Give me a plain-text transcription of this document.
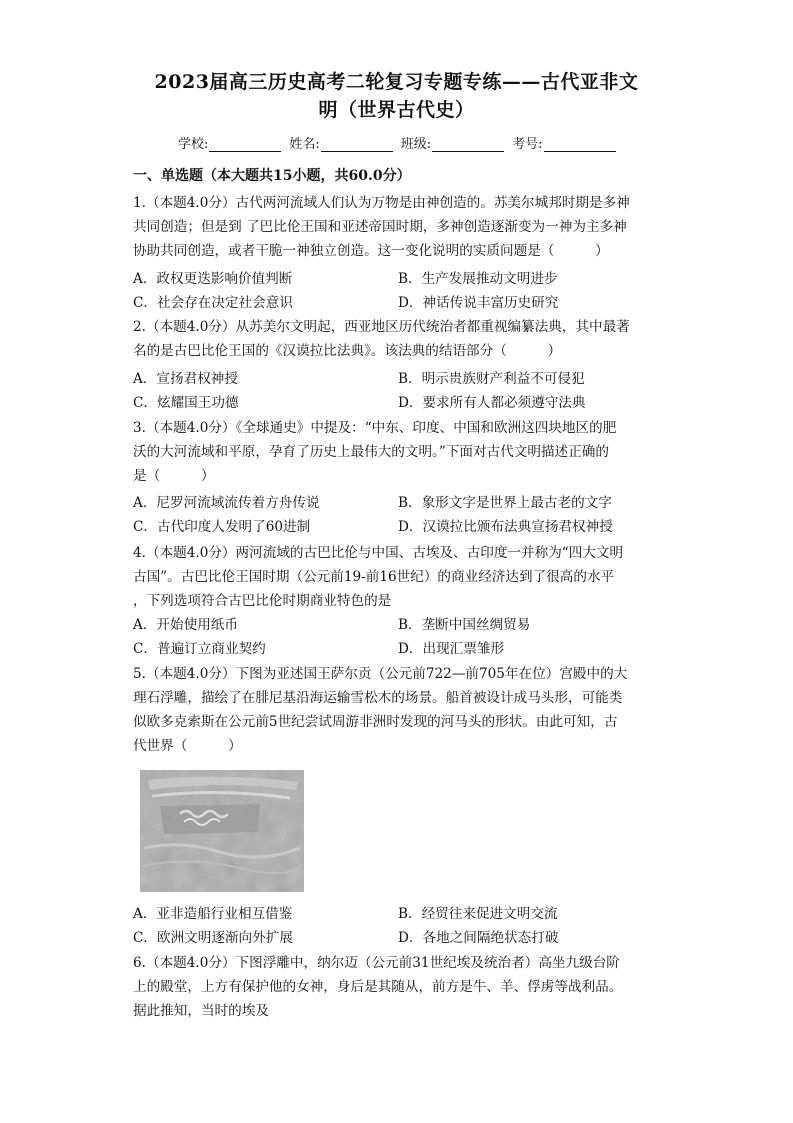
2023届高三历史高考二轮复习专题专练——古代亚非文
明（世界古代史）
学校:	姓名:	班级:	考号:
一、单选题（本大题共15小题，共60.0分）

1.（本题4.0分）古代两河流域人们认为万物是由神创造的。苏美尔城邦时期是多神

共同创造；但是到 了巴比伦王国和亚述帝国时期，多神创造逐渐变为一神为主多神

协助共同创造，或者干脆一神独立创造。这一变化说明的实质问题是（　　　）

A．政权更迭影响价值判断	B．生产发展推动文明进步
C．社会存在决定社会意识	D．神话传说丰富历史研究

2.（本题4.0分）从苏美尔文明起，西亚地区历代统治者都重视编纂法典，其中最著

名的是古巴比伦王国的《汉谟拉比法典》。该法典的结语部分（　　　）

A．宣扬君权神授	B．明示贵族财产利益不可侵犯
C．炫耀国王功德	D．要求所有人都必须遵守法典

3.（本题4.0分）《全球通史》中提及：“中东、印度、中国和欧洲这四块地区的肥

沃的大河流域和平原，孕育了历史上最伟大的文明。”下面对古代文明描述正确的

是（　　　）

A．尼罗河流域流传着方舟传说	B．象形文字是世界上最古老的文字
C．古代印度人发明了60进制	D．汉谟拉比颁布法典宣扬君权神授

4.（本题4.0分）两河流域的古巴比伦与中国、古埃及、古印度一并称为“四大文明

古国”。古巴比伦王国时期（公元前19-前16世纪）的商业经济达到了很高的水平

，下列选项符合古巴比伦时期商业特色的是

A．开始使用纸币	B．垄断中国丝绸贸易
C．普遍订立商业契约	D．出现汇票雏形

5.（本题4.0分）下图为亚述国王萨尔贡（公元前722—前705年在位）宫殿中的大

理石浮雕，描绘了在腓尼基沿海运输雪松木的场景。船首被设计成马头形，可能类

似欧多克索斯在公元前5世纪尝试周游非洲时发现的河马头的形状。由此可知，古

代世界（　　　）

A．亚非造船行业相互借鉴	B．经贸往来促进文明交流
C．欧洲文明逐渐向外扩展	D．各地之间隔绝状态打破

6.（本题4.0分）下图浮雕中，纳尔迈（公元前31世纪埃及统治者）高坐九级台阶

上的殿堂，上方有保护他的女神，身后是其随从，前方是牛、羊、俘虏等战利品。

据此推知，当时的埃及
